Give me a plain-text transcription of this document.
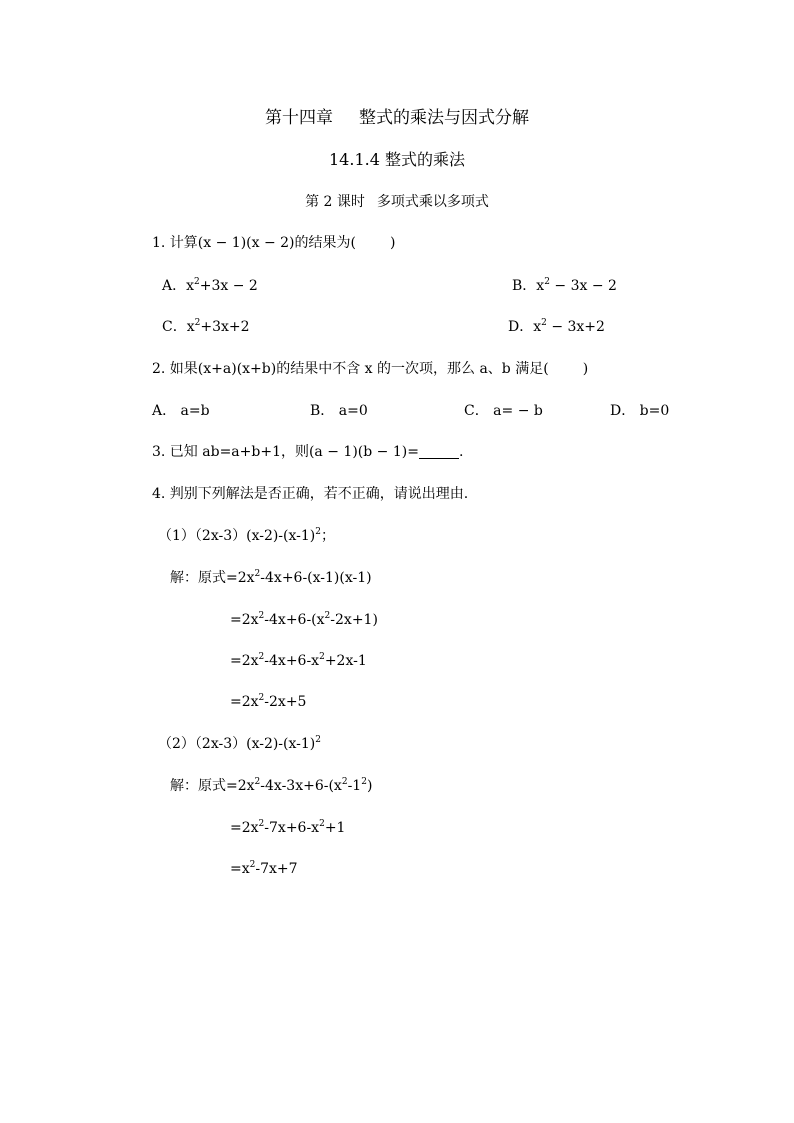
第十四章 整式的乘法与因式分解
14.1.4 整式的乘法
第 2 课时 多项式乘以多项式
1. 计算(x − 1)(x − 2)的结果为( )
A．$x^2+3x - 2$	B．$x^2 - 3x - 2$
C．$x^2+3x+2$	D．$x^2 - 3x+2$
2. 如果(x+a)(x+b)的结果中不含 x 的一次项，那么 a、b 满足( )
A． a=b	B． a=0	C． a= − b	D． b=0
3. 已知 ab=a+b+1，则(a − 1)(b − 1)=	.
4. 判别下列解法是否正确，若不正确，请说出理由.
$(1)(2x-3)(x-2)-(x-1)^2$；
解：原式$=2x^2-4x+6-(x-1)(x-1)$
$=2x^2-4x+6-(x^2-2x+1)$
$=2x^2-4x+6-x^2+2x-1$
$=2x^2-2x+5$
$(2)(2x-3)(x-2)-(x-1)^2$
解：原式$=2x^2-4x-3x+6-(x^2-1^2)$
$=2x^2-7x+6-x^2+1$
$=x^2-7x+7$
